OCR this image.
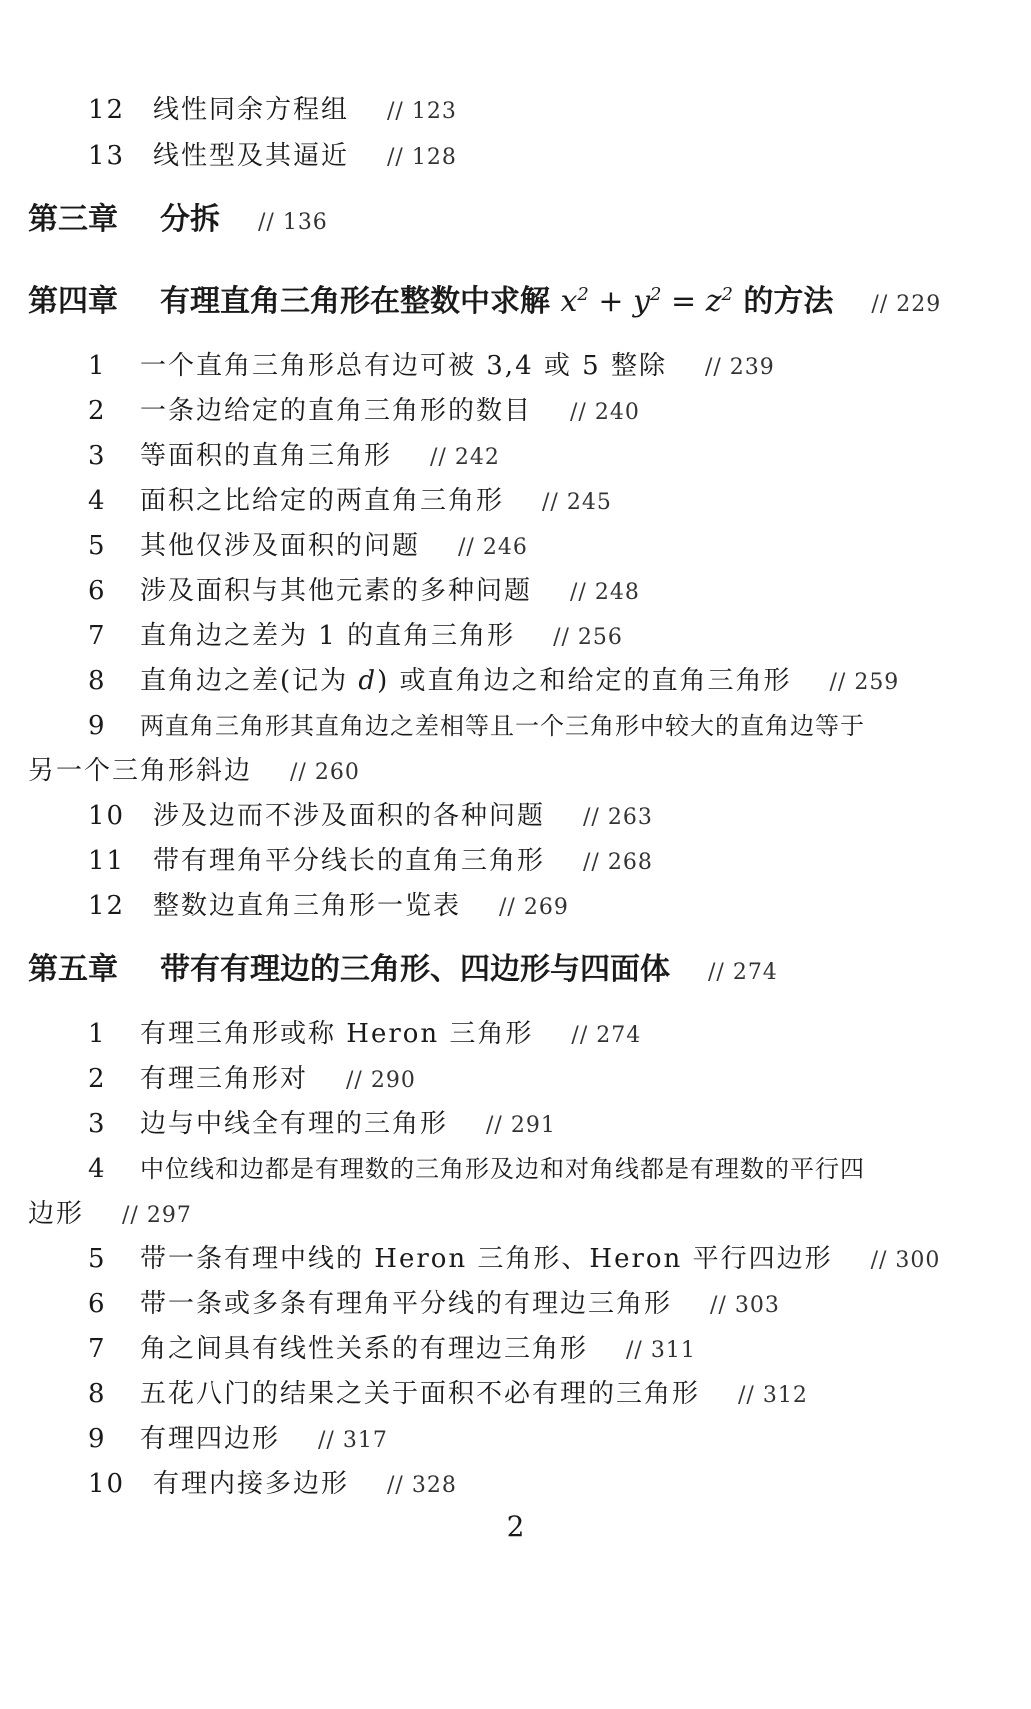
12 线性同余方程组 // 123
13 线性型及其逼近 // 128
第三章 分拆 // 136
第四章 有理直角三角形在整数中求解 $x^2 + y^2 = z^2$ 的方法 // 229
1 一个直角三角形总有边可被 3,4 或 5 整除 // 239
2 一条边给定的直角三角形的数目 // 240
3 等面积的直角三角形 // 242
4 面积之比给定的两直角三角形 // 245
5 其他仅涉及面积的问题 // 246
6 涉及面积与其他元素的多种问题 // 248
7 直角边之差为 1 的直角三角形 // 256
8 直角边之差(记为 d) 或直角边之和给定的直角三角形 // 259
9 两直角三角形其直角边之差相等且一个三角形中较大的直角边等于
另一个三角形斜边 // 260
10 涉及边而不涉及面积的各种问题 // 263
11 带有理角平分线长的直角三角形 // 268
12 整数边直角三角形一览表 // 269
第五章 带有有理边的三角形、四边形与四面体 // 274
1 有理三角形或称 Heron 三角形 // 274
2 有理三角形对 // 290
3 边与中线全有理的三角形 // 291
4 中位线和边都是有理数的三角形及边和对角线都是有理数的平行四
边形 // 297
5 带一条有理中线的 Heron 三角形、Heron 平行四边形 // 300
6 带一条或多条有理角平分线的有理边三角形 // 303
7 角之间具有线性关系的有理边三角形 // 311
8 五花八门的结果之关于面积不必有理的三角形 // 312
9 有理四边形 // 317
10 有理内接多边形 // 328
2
